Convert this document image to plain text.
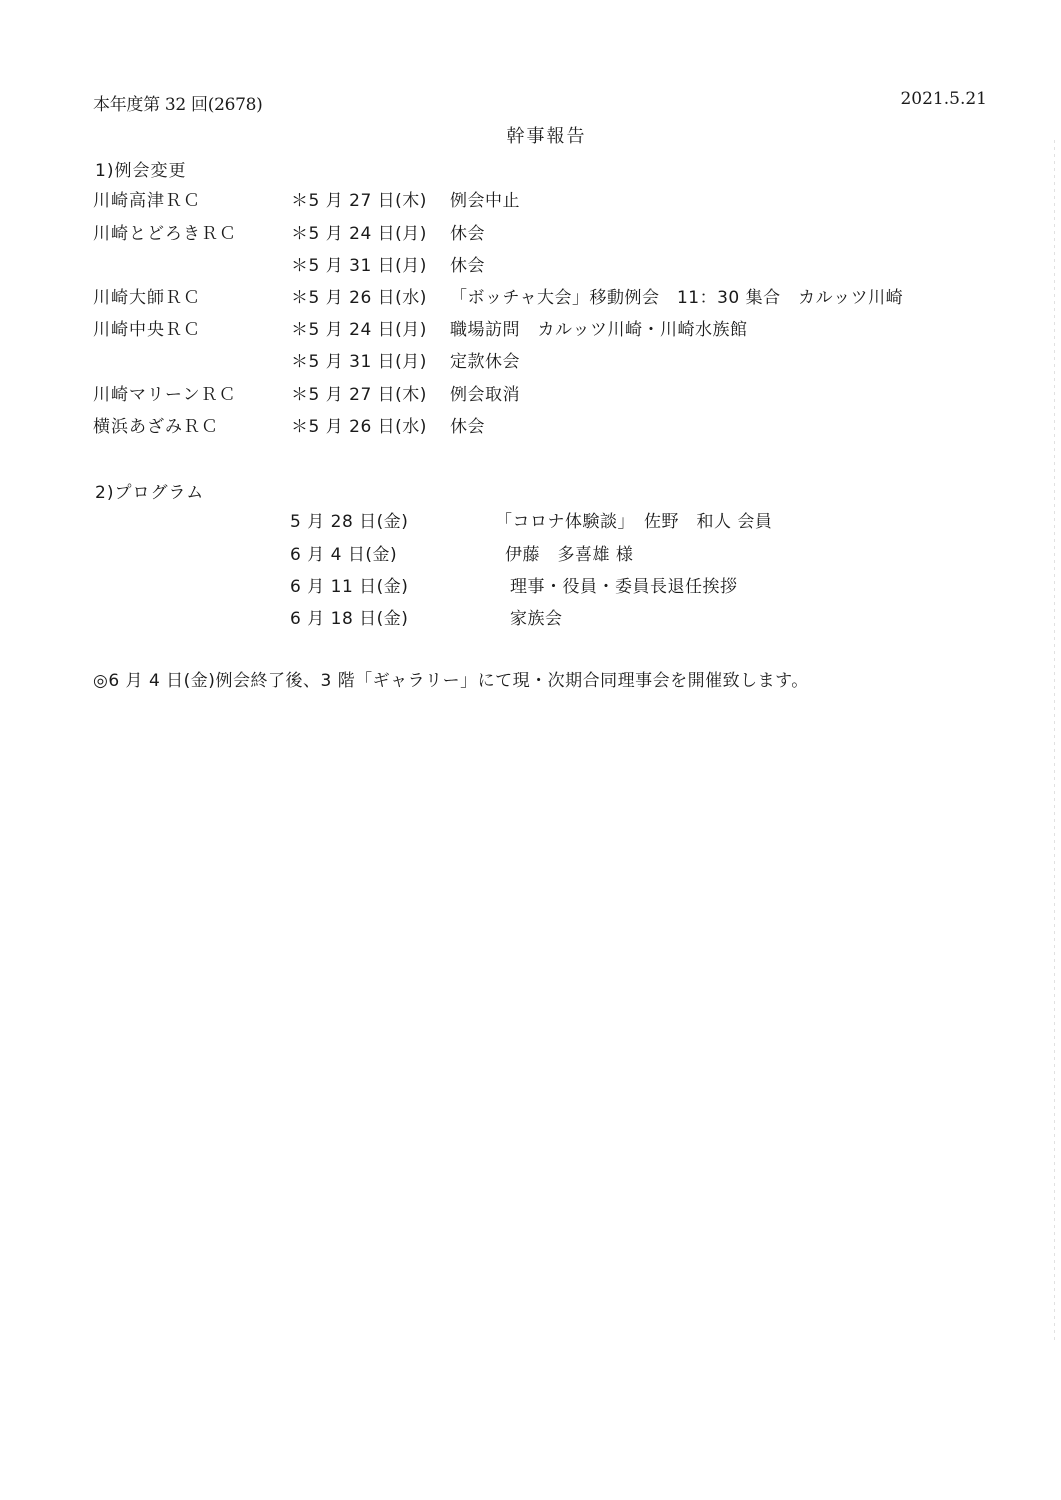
本年度第 32 回(2678)	2021.5.21
幹事報告
1)例会変更
川崎高津ＲＣ	＊5 月 27 日(木) 例会中止
川崎とどろきＲＣ	＊5 月 24 日(月) 休会
＊5 月 31 日(月) 休会
川崎大師ＲＣ	＊5 月 26 日(水) 「ボッチャ大会」移動例会　11：30 集合　カルッツ川崎
川崎中央ＲＣ	＊5 月 24 日(月) 職場訪問　カルッツ川崎・川崎水族館
＊5 月 31 日(月) 定款休会
川崎マリーンＲＣ	＊5 月 27 日(木) 例会取消
横浜あざみＲＣ	＊5 月 26 日(水) 休会
2)プログラム
5 月 28 日(金)	「コロナ体験談」　佐野　和人 会員
6 月 4 日(金)	伊藤　多喜雄 様
6 月 11 日(金)	理事・役員・委員長退任挨拶
6 月 18 日(金)	家族会
◎6 月 4 日(金)例会終了後、3 階「ギャラリー」にて現・次期合同理事会を開催致します。
